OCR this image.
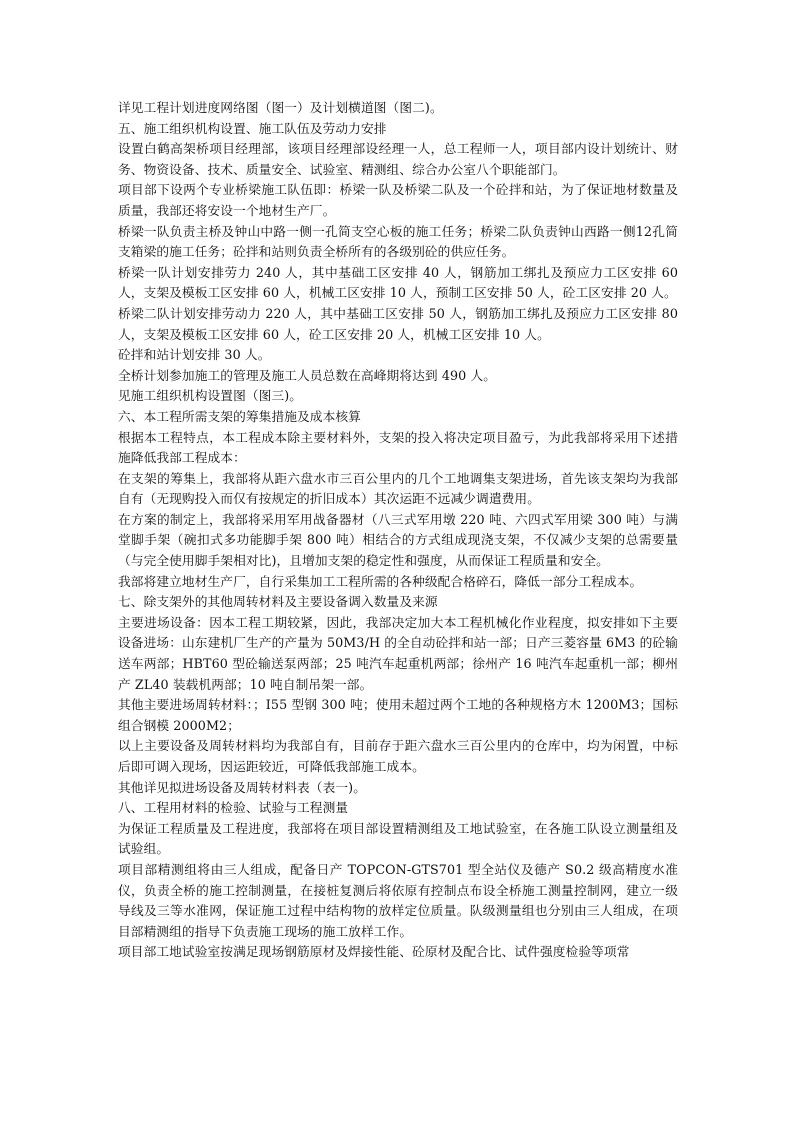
详见工程计划进度网络图（图一）及计划横道图（图二)。

五、施工组织机构设置、施工队伍及劳动力安排

设置白鹤高架桥项目经理部，该项目经理部设经理一人，总工程师一人，项目部内设计划统计、财务、物资设备、技术、质量安全、试验室、精测组、综合办公室八个职能部门。

项目部下设两个专业桥梁施工队伍即：桥梁一队及桥梁二队及一个砼拌和站，为了保证地材数量及质量，我部还将安设一个地材生产厂。

桥梁一队负责主桥及钟山中路一侧一孔简支空心板的施工任务；桥梁二队负责钟山西路一侧12孔简支箱梁的施工任务；砼拌和站则负责全桥所有的各级别砼的供应任务。

桥梁一队计划安排劳力 240 人，其中基础工区安排 40 人，钢筋加工绑扎及预应力工区安排 60 人，支架及模板工区安排 60 人，机械工区安排 10 人，预制工区安排 50 人，砼工区安排 20 人。

桥梁二队计划安排劳动力 220 人，其中基础工区安排 50 人，钢筋加工绑扎及预应力工区安排 80 人，支架及模板工区安排 60 人，砼工区安排 20 人，机械工区安排 10 人。

砼拌和站计划安排 30 人。

全桥计划参加施工的管理及施工人员总数在高峰期将达到 490 人。

见施工组织机构设置图（图三)。

六、本工程所需支架的筹集措施及成本核算

根据本工程特点，本工程成本除主要材料外，支架的投入将决定项目盈亏，为此我部将采用下述措施降低我部工程成本：

在支架的筹集上，我部将从距六盘水市三百公里内的几个工地调集支架进场，首先该支架均为我部自有（无现购投入而仅有按规定的折旧成本）其次运距不远减少调遣费用。

在方案的制定上，我部将采用军用战备器材（八三式军用墩 220 吨、六四式军用梁 300 吨）与满堂脚手架（碗扣式多功能脚手架 800 吨）相结合的方式组成现浇支架，不仅减少支架的总需要量（与完全使用脚手架相对比)，且增加支架的稳定性和强度，从而保证工程质量和安全。

我部将建立地材生产厂，自行采集加工工程所需的各种级配合格碎石，降低一部分工程成本。

七、除支架外的其他周转材料及主要设备调入数量及来源

主要进场设备：因本工程工期较紧，因此，我部决定加大本工程机械化作业程度，拟安排如下主要设备进场：山东建机厂生产的产量为 50M3/H 的全自动砼拌和站一部；日产三菱容量 6M3 的砼输送车两部；HBT60 型砼输送泵两部；25 吨汽车起重机两部；徐州产 16 吨汽车起重机一部；柳州产 ZL40 装载机两部；10 吨自制吊架一部。

其他主要进场周转材料：；I55 型钢 300 吨；使用未超过两个工地的各种规格方木 1200M3；国标组合钢模 2000M2；

以上主要设备及周转材料均为我部自有，目前存于距六盘水三百公里内的仓库中，均为闲置，中标后即可调入现场，因运距较近，可降低我部施工成本。

其他详见拟进场设备及周转材料表（表一)。

八、工程用材料的检验、试验与工程测量

为保证工程质量及工程进度，我部将在项目部设置精测组及工地试验室，在各施工队设立测量组及试验组。

项目部精测组将由三人组成，配备日产 TOPCON-GTS701 型全站仪及德产 S0.2 级高精度水准仪，负责全桥的施工控制测量，在接桩复测后将依原有控制点布设全桥施工测量控制网，建立一级导线及三等水准网，保证施工过程中结构物的放样定位质量。队级测量组也分别由三人组成，在项目部精测组的指导下负责施工现场的施工放样工作。

项目部工地试验室按满足现场钢筋原材及焊接性能、砼原材及配合比、试件强度检验等项常
